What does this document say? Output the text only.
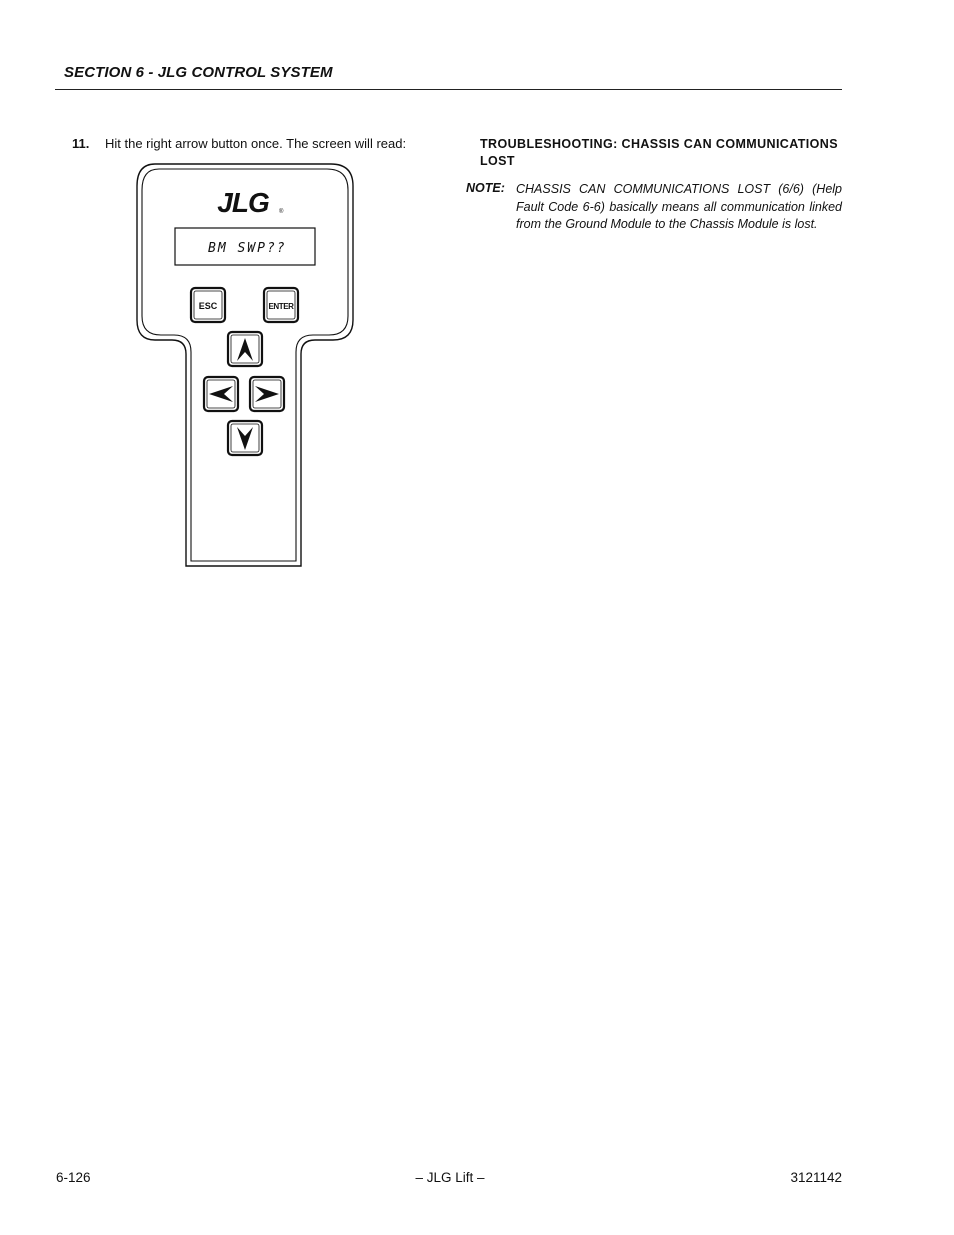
SECTION 6 - JLG CONTROL SYSTEM
11. Hit the right arrow button once. The screen will read:
JLG ®
BM SWP??
ESC	ENTER
TROUBLESHOOTING: CHASSIS CAN COMMUNICATIONS LOST
NOTE: CHASSIS CAN COMMUNICATIONS LOST (6/6) (Help Fault Code 6-6) basically means all communication linked from the Ground Module to the Chassis Module is lost.
6-126	– JLG Lift –	3121142
